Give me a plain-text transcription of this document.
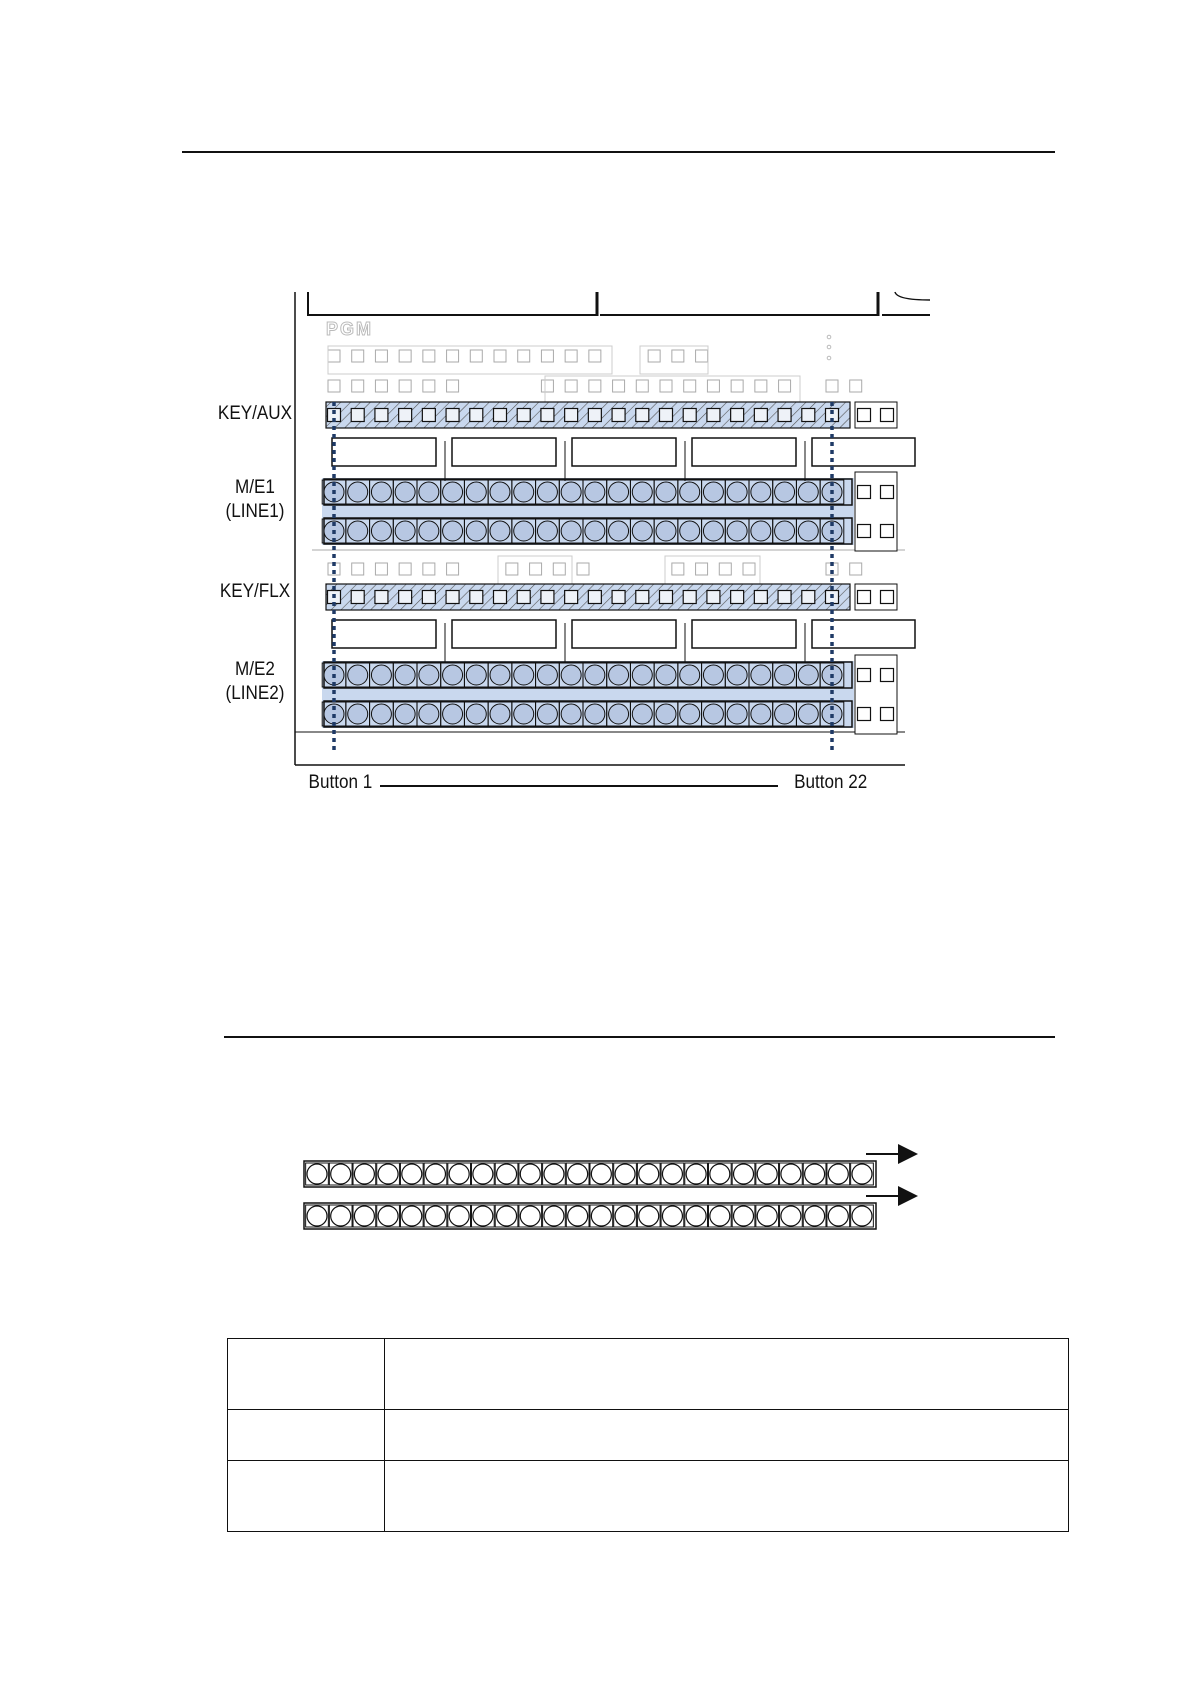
PGM
KEY/AUX
M/E1
(LINE1)
KEY/FLX
M/E2
(LINE2)
Button 1	Button 22
